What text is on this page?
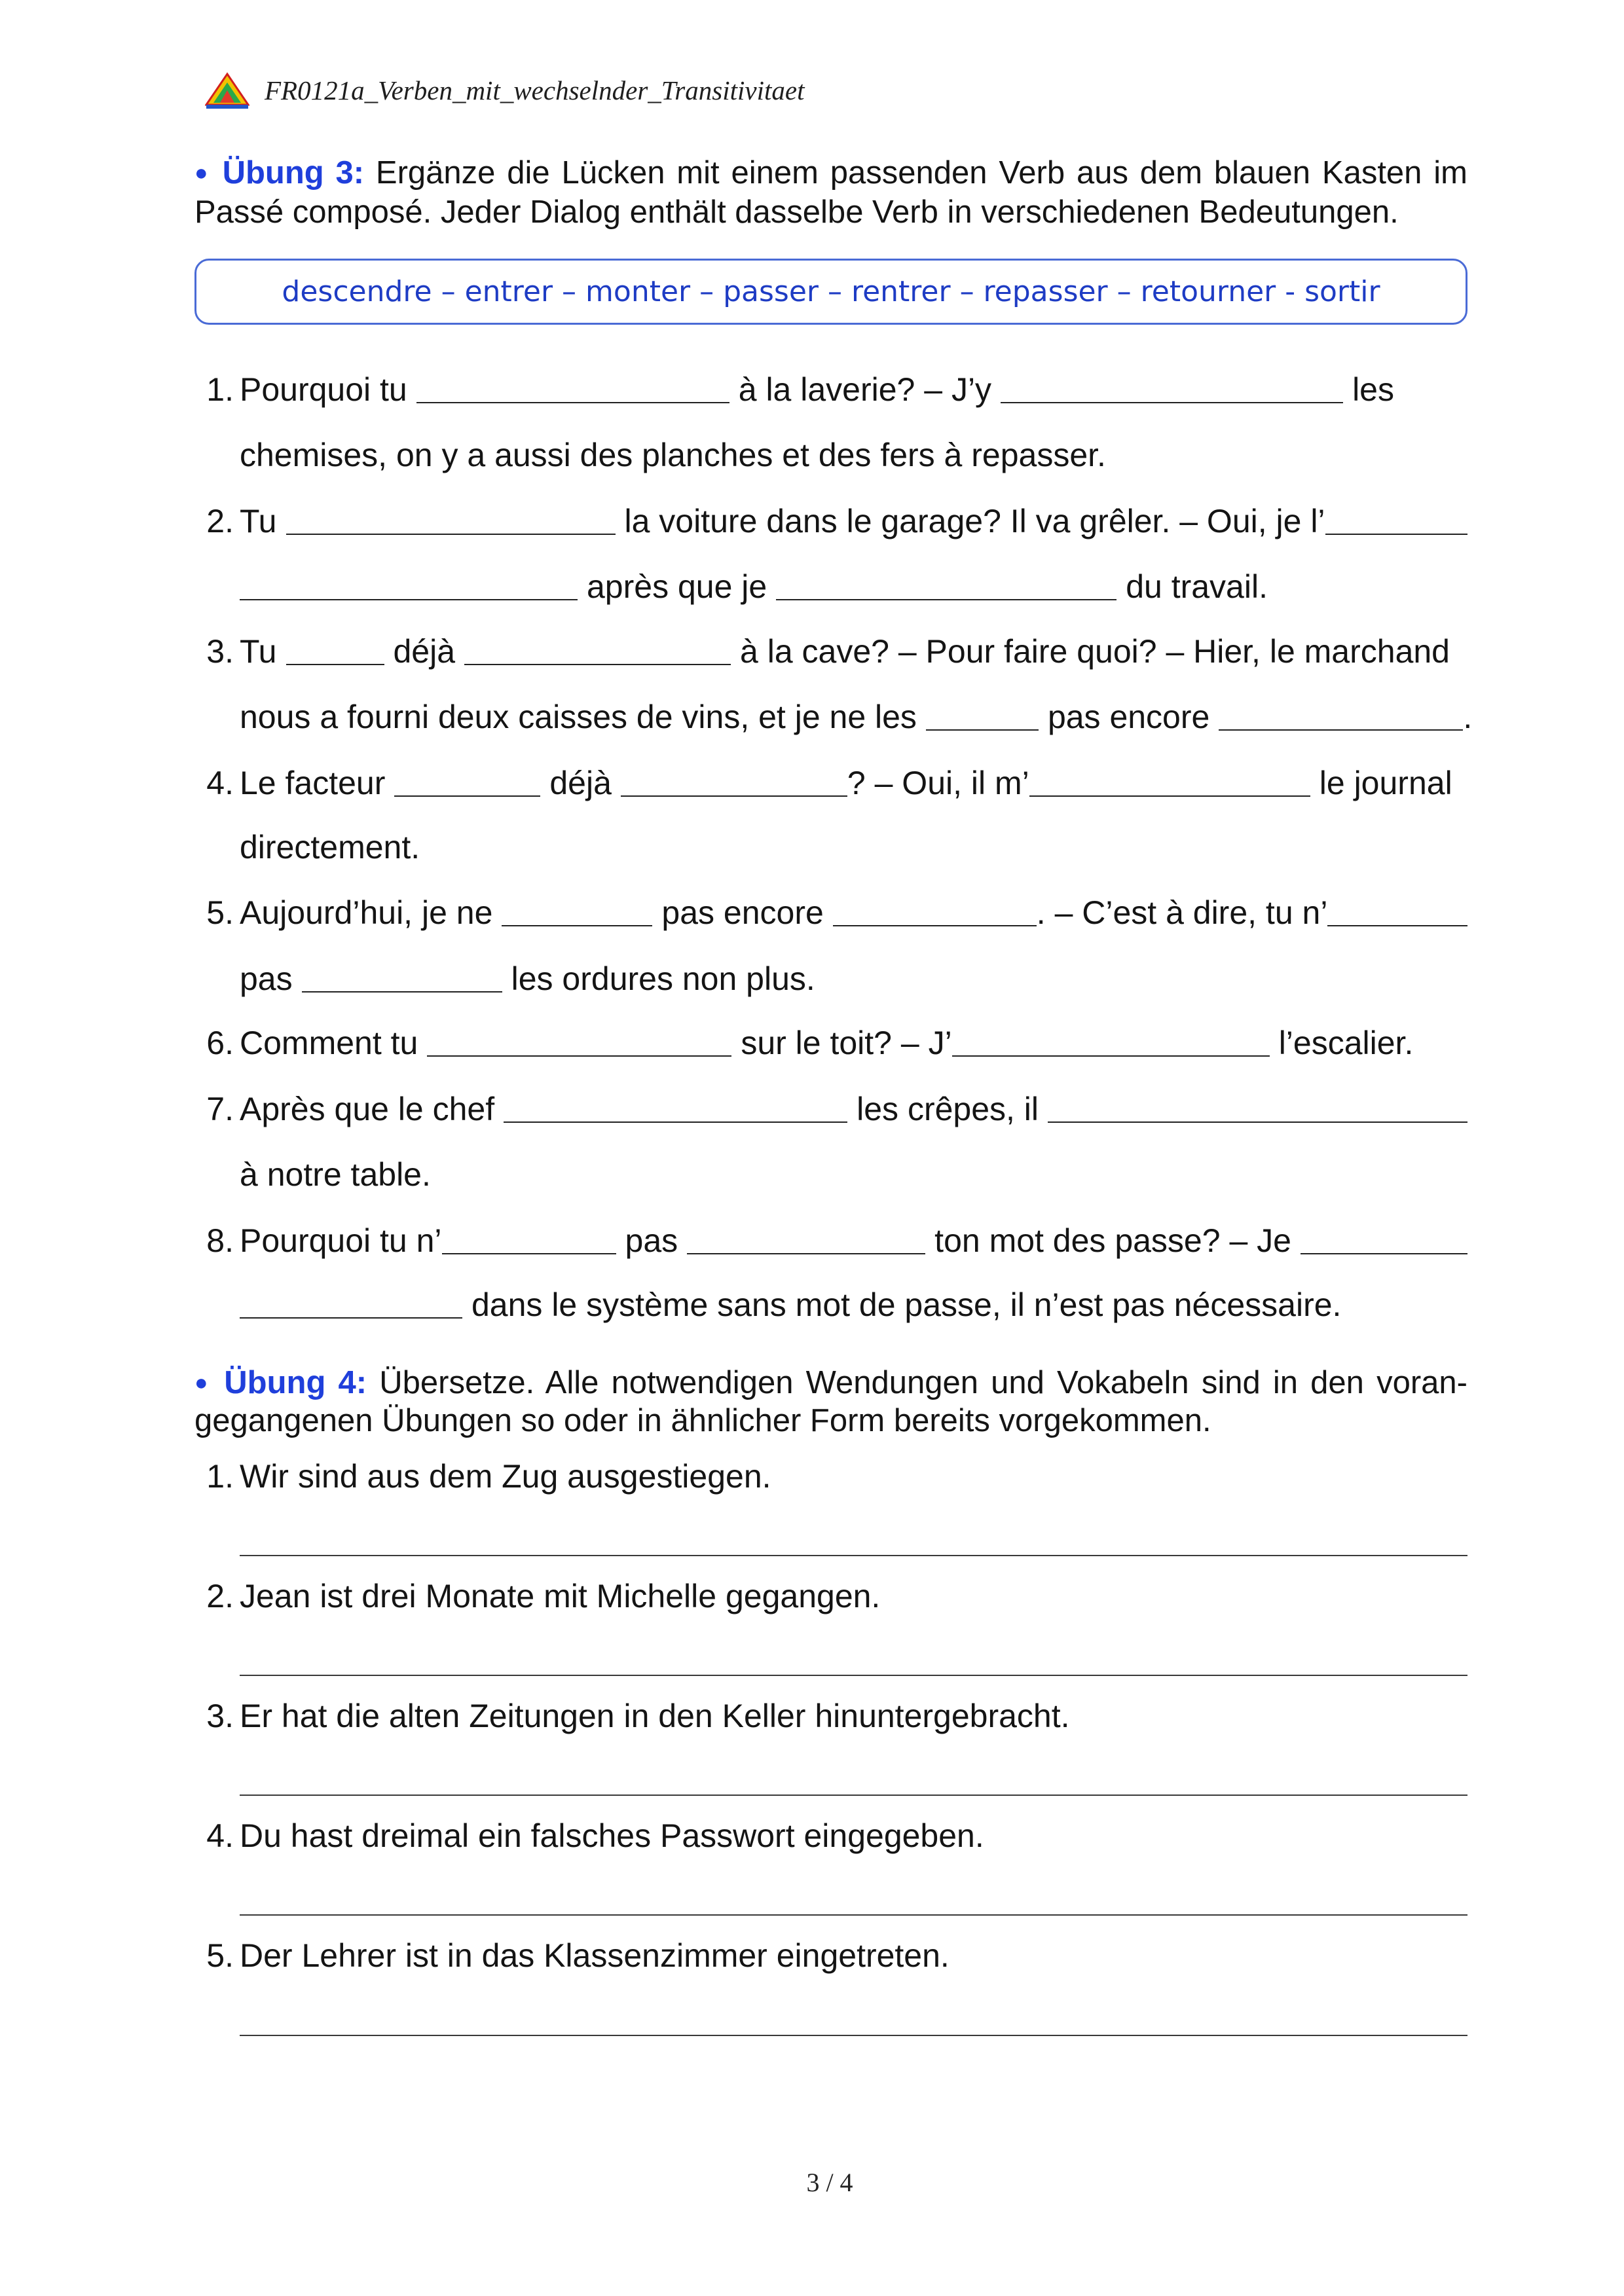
FR0121a_Verben_mit_wechselnder_Transitivitaet
● Übung 3: Ergänze die Lücken mit einem passenden Verb aus dem blauen Kasten im
Passé composé. Jeder Dialog enthält dasselbe Verb in verschiedenen Bedeutungen.
descendre – entrer – monter – passer – rentrer – repasser – retourner - sortir
1. Pourquoi tu	à la laverie? – J’y	les
chemises, on y a aussi des planches et des fers à repasser.
2. Tu	la voiture dans le garage? Il va grêler. – Oui, je l’
après que je	du travail.
3. Tu	déjà	à la cave? – Pour faire quoi? – Hier, le marchand
nous a fourni deux caisses de vins, et je ne les	pas encore	.
4. Le facteur	déjà	? – Oui, il m’	le journal
directement.
5. Aujourd’hui, je ne	pas encore	. – C’est à dire, tu n’
pas	les ordures non plus.
6. Comment tu	sur le toit? – J’	l’escalier.
7. Après que le chef	les crêpes, il
à notre table.
8. Pourquoi tu n’	pas	ton mot des passe? – Je
dans le système sans mot de passe, il n’est pas nécessaire.
● Übung 4: Übersetze. Alle notwendigen Wendungen und Vokabeln sind in den voran-
gegangenen Übungen so oder in ähnlicher Form bereits vorgekommen.
1. Wir sind aus dem Zug ausgestiegen.
2. Jean ist drei Monate mit Michelle gegangen.
3. Er hat die alten Zeitungen in den Keller hinuntergebracht.
4. Du hast dreimal ein falsches Passwort eingegeben.
5. Der Lehrer ist in das Klassenzimmer eingetreten.
3 / 4
